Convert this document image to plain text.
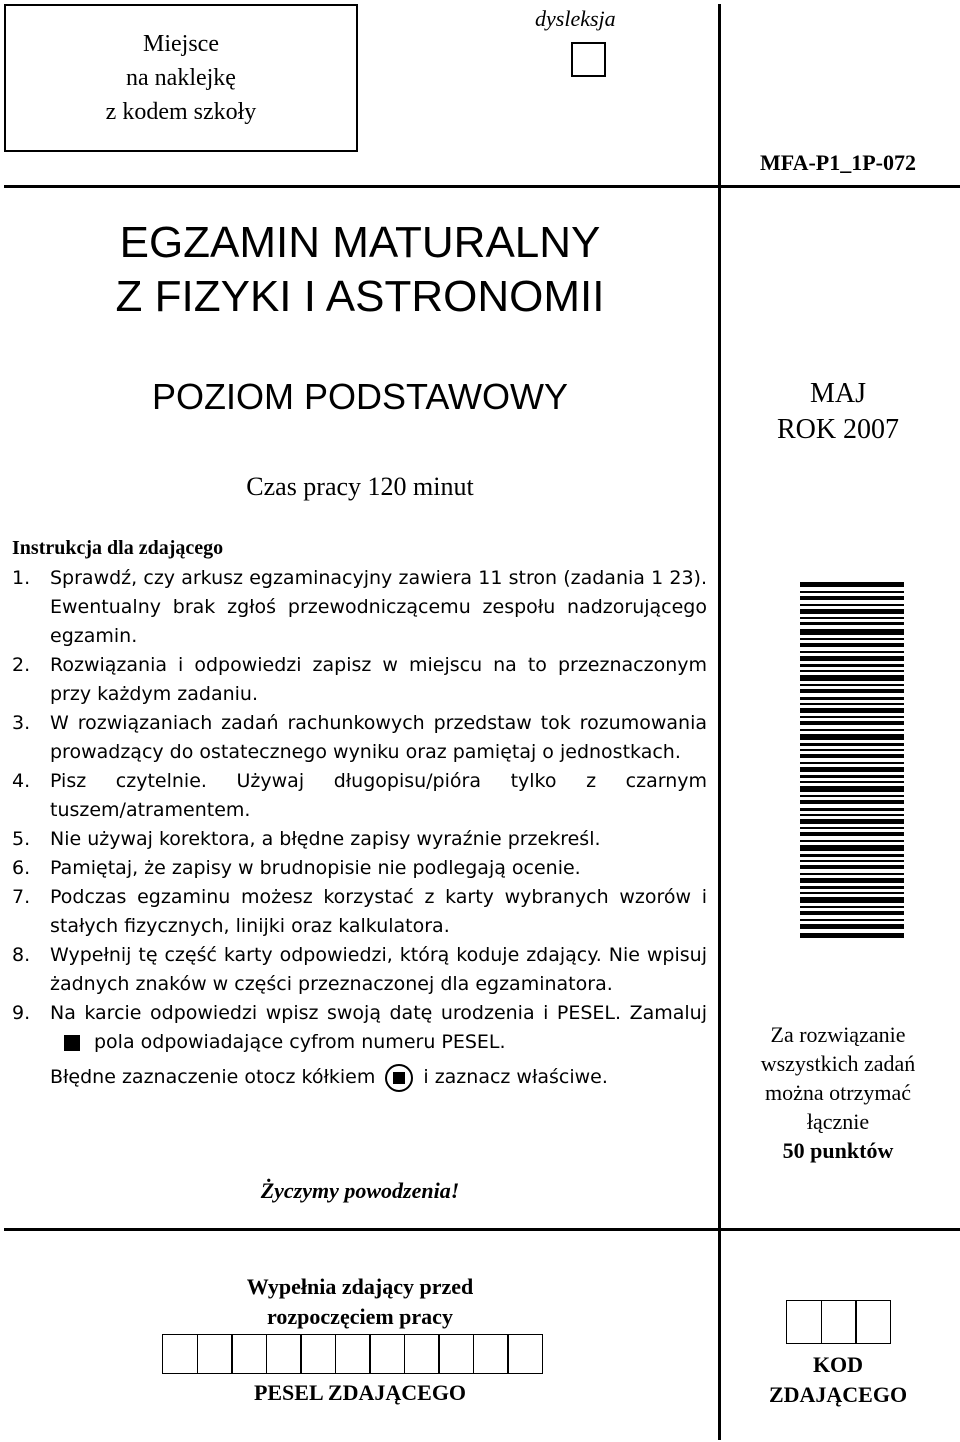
Miejsce
na naklejkę
z kodem szkoły
dysleksja
MFA-P1_1P-072
EGZAMIN MATURALNY
Z FIZYKI I ASTRONOMII
POZIOM PODSTAWOWY	MAJ
ROK 2007
Czas pracy 120 minut
Instrukcja dla zdającego
1. Sprawdź, czy arkusz egzaminacyjny zawiera 11 stron (zadania 1 23). Ewentualny brak zgłoś przewodniczącemu zespołu nadzorującego egzamin.
2. Rozwiązania i odpowiedzi zapisz w miejscu na to przeznaczonym przy każdym zadaniu.
3. W rozwiązaniach zadań rachunkowych przedstaw tok rozumowania prowadzący do ostatecznego wyniku oraz pamiętaj o jednostkach.
4. Pisz czytelnie. Używaj długopisu/pióra tylko z czarnym tuszem/atramentem.
5. Nie używaj korektora, a błędne zapisy wyraźnie przekreśl.
6. Pamiętaj, że zapisy w brudnopisie nie podlegają ocenie.
7. Podczas egzaminu możesz korzystać z karty wybranych wzorów i stałych fizycznych, linijki oraz kalkulatora.
8. Wypełnij tę część karty odpowiedzi, którą koduje zdający. Nie wpisuj żadnych znaków w części przeznaczonej dla egzaminatora.
9. Na karcie odpowiedzi wpisz swoją datę urodzenia i PESEL. Zamalujpola odpowiadające cyfrom numeru PESEL.
Błędne zaznaczenie otocz kółkiem	i zaznacz właściwe.
Życzymy powodzenia!
Za rozwiązanie
wszystkich zadań
można otrzymać
łącznie
50 punktów
Wypełnia zdający przed
rozpoczęciem pracy
PESEL ZDAJĄCEGO
KOD
ZDAJĄCEGO
